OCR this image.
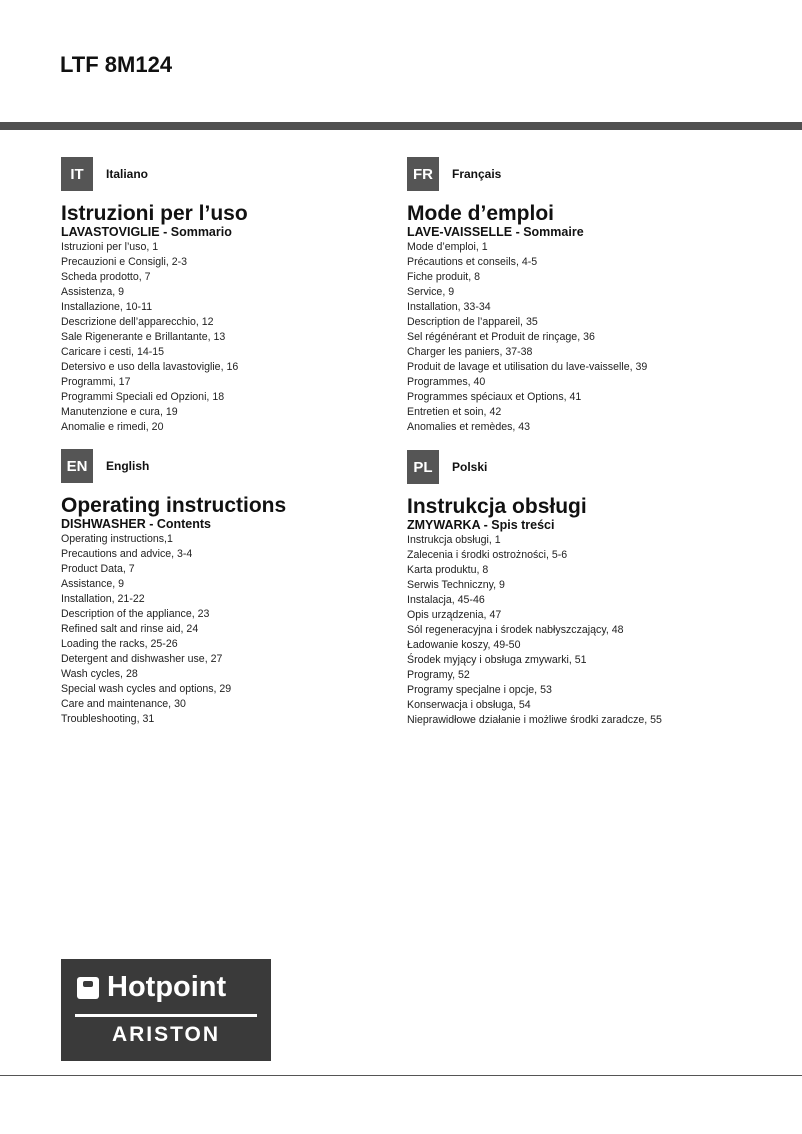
LTF 8M124
IT	Italiano
Istruzioni per l’uso
LAVASTOVIGLIE - Sommario
Istruzioni per l’uso, 1
Precauzioni e Consigli, 2-3
Scheda prodotto, 7
Assistenza, 9
Installazione, 10-11
Descrizione dell’apparecchio, 12
Sale Rigenerante e Brillantante, 13
Caricare i cesti, 14-15
Detersivo e uso della lavastoviglie, 16
Programmi, 17
Programmi Speciali ed Opzioni, 18
Manutenzione e cura, 19
Anomalie e rimedi, 20
FR	Français
Mode d’emploi
LAVE-VAISSELLE - Sommaire
Mode d’emploi, 1
Précautions et conseils, 4-5
Fiche produit, 8
Service, 9
Installation, 33-34
Description de l’appareil, 35
Sel régénérant et Produit de rinçage, 36
Charger les paniers, 37-38
Produit de lavage et utilisation du lave-vaisselle, 39
Programmes, 40
Programmes spéciaux et Options, 41
Entretien et soin, 42
Anomalies et remèdes, 43
EN	English
Operating instructions
DISHWASHER - Contents
Operating instructions,1
Precautions and advice, 3-4
Product Data, 7
Assistance, 9
Installation, 21-22
Description of the appliance, 23
Refined salt and rinse aid, 24
Loading the racks, 25-26
Detergent and dishwasher use, 27
Wash cycles, 28
Special wash cycles and options, 29
Care and maintenance, 30
Troubleshooting, 31
PL	Polski
Instrukcja obsługi
ZMYWARKA - Spis treści
Instrukcja obsługi, 1
Zalecenia i środki ostrożności, 5-6
Karta produktu, 8
Serwis Techniczny, 9
Instalacja, 45-46
Opis urządzenia, 47
Sól regeneracyjna i środek nabłyszczający, 48
Ładowanie koszy, 49-50
Środek myjący i obsługa zmywarki, 51
Programy, 52
Programy specjalne i opcje, 53
Konserwacja i obsługa, 54
Nieprawidłowe działanie i możliwe środki zaradcze, 55
Hotpoint
ARISTON
